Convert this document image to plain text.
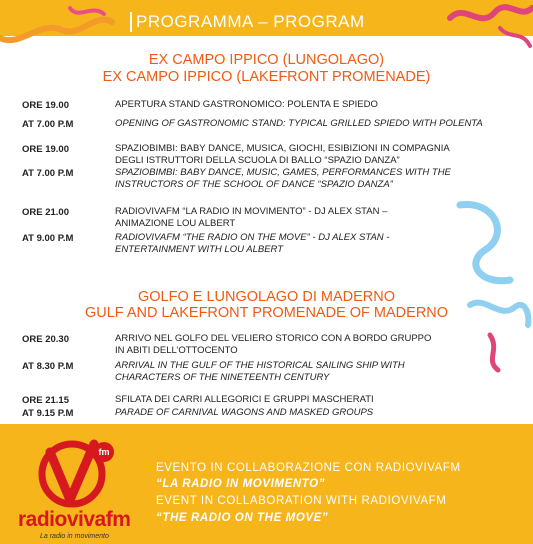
PROGRAMMA – PROGRAM
EX CAMPO IPPICO (LUNGOLAGO)
EX CAMPO IPPICO (LAKEFRONT PROMENADE)
ORE 19.00	APERTURA STAND GASTRONOMICO: POLENTA E SPIEDO
AT 7.00 P.M	OPENING OF GASTRONOMIC STAND: TYPICAL GRILLED SPIEDO WITH POLENTA
ORE 19.00	SPAZIOBIMBI: BABY DANCE, MUSICA, GIOCHI, ESIBIZIONI IN COMPAGNIA
DEGLI ISTRUTTORI DELLA SCUOLA DI BALLO “SPAZIO DANZA”
AT 7.00 P.M	SPAZIOBIMBI: BABY DANCE, MUSIC, GAMES, PERFORMANCES WITH THE
INSTRUCTORS OF THE SCHOOL OF DANCE “SPAZIO DANZA”
ORE 21.00	RADIOVIVAFM “LA RADIO IN MOVIMENTO” - DJ ALEX STAN –
ANIMAZIONE LOU ALBERT
AT 9.00 P.M	RADIOVIVAFM “THE RADIO ON THE MOVE” - DJ ALEX STAN -
ENTERTAINMENT WITH LOU ALBERT
GOLFO E LUNGOLAGO DI MADERNO
GULF AND LAKEFRONT PROMENADE OF MADERNO
ORE 20.30	ARRIVO NEL GOLFO DEL VELIERO STORICO CON A BORDO GRUPPO
IN ABITI DELL’OTTOCENTO
AT 8.30 P.M	ARRIVAL IN THE GULF OF THE HISTORICAL SAILING SHIP WITH
CHARACTERS OF THE NINETEENTH CENTURY
ORE 21.15	SFILATA DEI CARRI ALLEGORICI E GRUPPI MASCHERATI
AT 9.15 P.M	PARADE OF CARNIVAL WAGONS AND MASKED GROUPS
fm
radiovivafm
La radio in movimento
EVENTO IN COLLABORAZIONE CON RADIOVIVAFM
“LA RADIO IN MOVIMENTO”
EVENT IN COLLABORATION WITH RADIOVIVAFM
“THE RADIO ON THE MOVE”
